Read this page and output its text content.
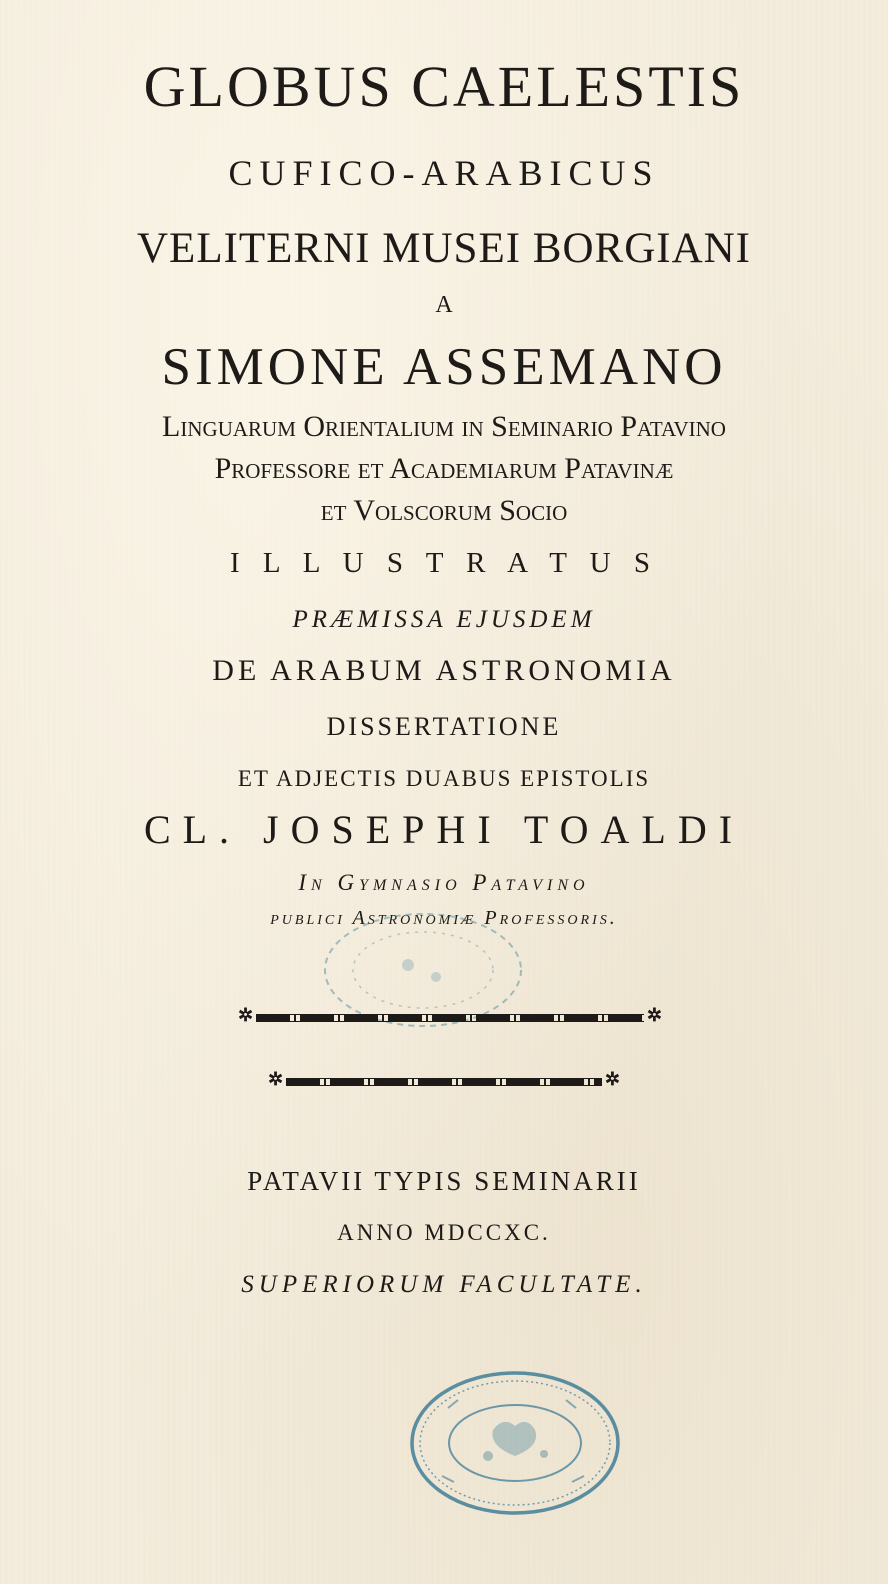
GLOBUS CAELESTIS
CUFICO-ARABICUS
VELITERNI MUSEI BORGIANI
A
SIMONE ASSEMANO
Linguarum Orientalium in Seminario Patavino
Professore et Academiarum Patavinæ
et Volscorum Socio
I L L U S T R A T U S
PRÆMISSA EJUSDEM
DE ARABUM ASTRONOMIA
DISSERTATIONE
ET ADJECTIS DUABUS EPISTOLIS
CL. JOSEPHI TOALDI
In Gymnasio Patavino
publici Astronomiæ Professoris.
✲	✲
✲	✲
PATAVII TYPIS SEMINARII
ANNO MDCCXC.
SUPERIORUM FACULTATE.
